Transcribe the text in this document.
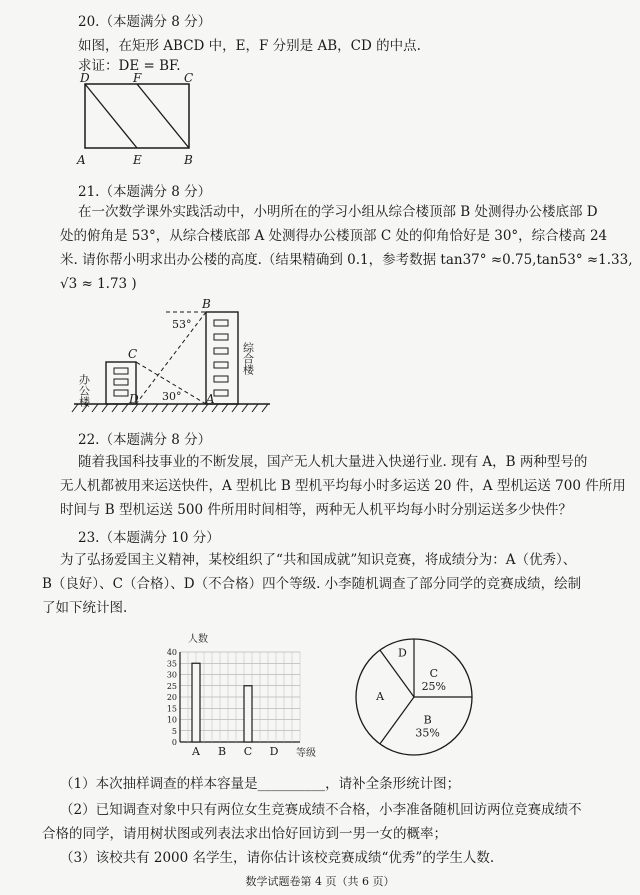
20.（本题满分 8 分）
如图，在矩形 ABCD 中，E，F 分别是 AB，CD 的中点.
求证：DE = BF.
D	F	C
A	E	B
21.（本题满分 8 分）
在一次数学课外实践活动中，小明所在的学习小组从综合楼顶部 B 处测得办公楼底部 D
处的俯角是 53°，从综合楼底部 A 处测得办公楼顶部 C 处的仰角恰好是 30°，综合楼高 24
米. 请你帮小明求出办公楼的高度.（结果精确到 0.1，参考数据 tan37° ≈0.75,tan53° ≈1.33,
√3 ≈ 1.73 )
B
C
D	A
53°
30°
办公楼
综合楼
22.（本题满分 8 分）
随着我国科技事业的不断发展，国产无人机大量进入快递行业. 现有 A，B 两种型号的
无人机都被用来运送快件，A 型机比 B 型机平均每小时多运送 20 件，A 型机运送 700 件所用
时间与 B 型机运送 500 件所用时间相等，两种无人机平均每小时分别运送多少快件？
23.（本题满分 10 分）
为了弘扬爱国主义精神，某校组织了“共和国成就”知识竞赛，将成绩分为：A（优秀）、
B（良好）、C（合格）、D（不合格）四个等级. 小李随机调查了部分同学的竞赛成绩，绘制
了如下统计图.
0
5
10
15
20
25
30
35
40
A B C D
人数
等级
C
25%
B
35%
A
D
（1）本次抽样调查的样本容量是__________，请补全条形统计图；
（2）已知调查对象中只有两位女生竞赛成绩不合格，小李准备随机回访两位竞赛成绩不
合格的同学，请用树状图或列表法求出恰好回访到一男一女的概率；
（3）该校共有 2000 名学生，请你估计该校竞赛成绩“优秀”的学生人数.
数学试题卷第 4 页（共 6 页）
